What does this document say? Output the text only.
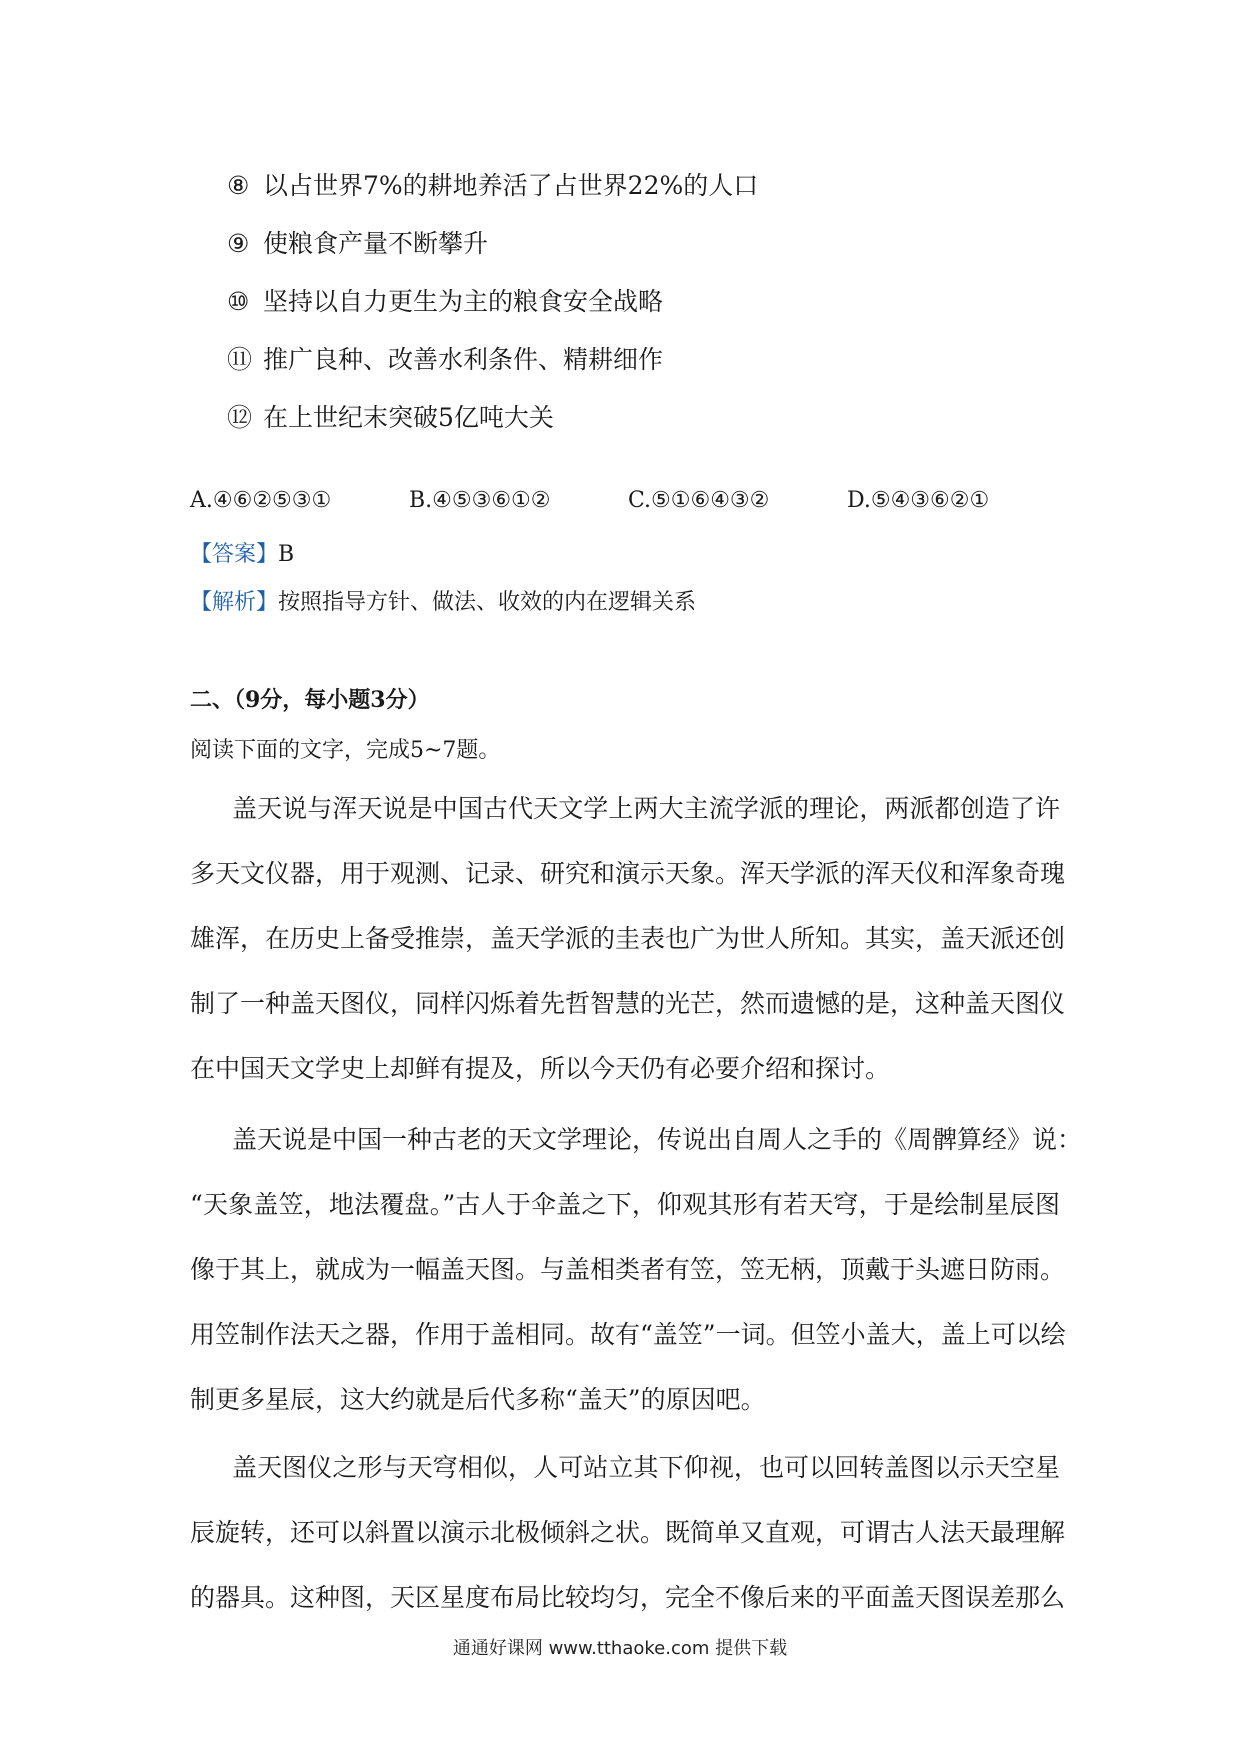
⑧ 以占世界7%的耕地养活了占世界22%的人口
⑨ 使粮食产量不断攀升
⑩ 坚持以自力更生为主的粮食安全战略
⑪ 推广良种、改善水利条件、精耕细作
⑫ 在上世纪末突破5亿吨大关
A.④⑥②⑤③①	B.④⑤③⑥①②	C.⑤①⑥④③②	D.⑤④③⑥②①
【答案】B
【解析】按照指导方针、做法、收效的内在逻辑关系
二、（9分，每小题3分）
阅读下面的文字，完成5~7题。
盖天说与浑天说是中国古代天文学上两大主流学派的理论，两派都创造了许
多天文仪器，用于观测、记录、研究和演示天象。浑天学派的浑天仪和浑象奇瑰
雄浑，在历史上备受推崇，盖天学派的圭表也广为世人所知。其实，盖天派还创
制了一种盖天图仪，同样闪烁着先哲智慧的光芒，然而遗憾的是，这种盖天图仪
在中国天文学史上却鲜有提及，所以今天仍有必要介绍和探讨。
盖天说是中国一种古老的天文学理论，传说出自周人之手的《周髀算经》说：
“天象盖笠，地法覆盘。”古人于伞盖之下，仰观其形有若天穹，于是绘制星辰图
像于其上，就成为一幅盖天图。与盖相类者有笠，笠无柄，顶戴于头遮日防雨。
用笠制作法天之器，作用于盖相同。故有“盖笠”一词。但笠小盖大，盖上可以绘
制更多星辰，这大约就是后代多称“盖天”的原因吧。
盖天图仪之形与天穹相似，人可站立其下仰视，也可以回转盖图以示天空星
辰旋转，还可以斜置以演示北极倾斜之状。既简单又直观，可谓古人法天最理解
的器具。这种图，天区星度布局比较均匀，完全不像后来的平面盖天图误差那么
通通好课网 www.tthaoke.com 提供下载
